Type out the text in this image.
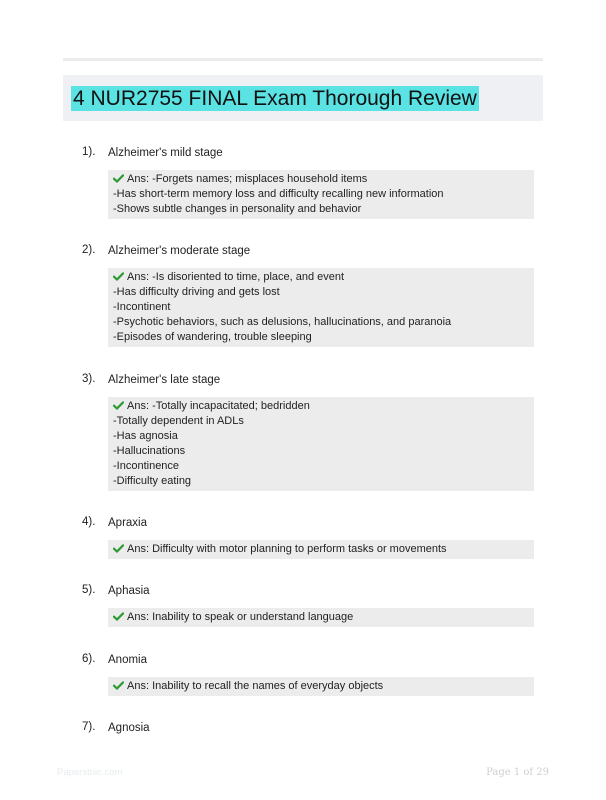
4 NUR2755 FINAL Exam Thorough Review
1). Alzheimer's mild stage
Ans: -Forgets names; misplaces household items
-Has short-term memory loss and difficulty recalling new information
-Shows subtle changes in personality and behavior
2). Alzheimer's moderate stage
Ans: -Is disoriented to time, place, and event
-Has difficulty driving and gets lost
-Incontinent
-Psychotic behaviors, such as delusions, hallucinations, and paranoia
-Episodes of wandering, trouble sleeping
3). Alzheimer's late stage
Ans: -Totally incapacitated; bedridden
-Totally dependent in ADLs
-Has agnosia
-Hallucinations
-Incontinence
-Difficulty eating
4). Apraxia
Ans: Difficulty with motor planning to perform tasks or movements
5). Aphasia
Ans: Inability to speak or understand language
6). Anomia
Ans: Inability to recall the names of everyday objects
7). Agnosia
Paperstnic.com	Page 1 of 29
